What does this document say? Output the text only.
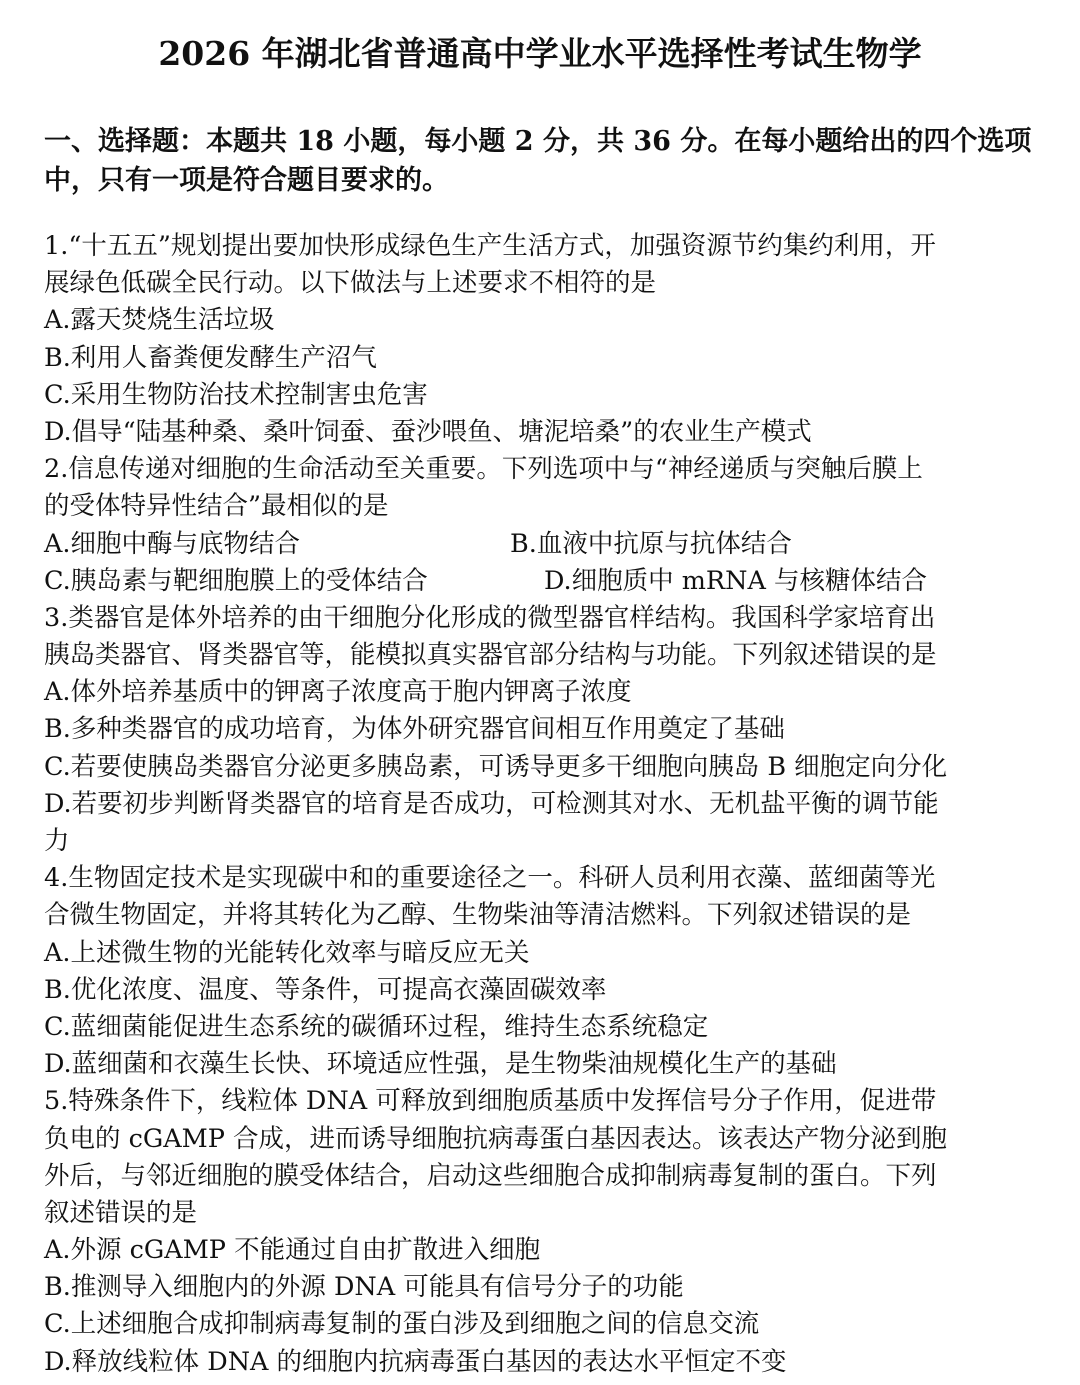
2026 年湖北省普通高中学业水平选择性考试生物学
一、选择题：本题共 18 小题，每小题 2 分，共 36 分。在每小题给出的四个选项
中，只有一项是符合题目要求的。
1.“十五五”规划提出要加快形成绿色生产生活方式，加强资源节约集约利用，开
展绿色低碳全民行动。以下做法与上述要求不相符的是
A.露天焚烧生活垃圾
B.利用人畜粪便发酵生产沼气
C.采用生物防治技术控制害虫危害
D.倡导“陆基种桑、桑叶饲蚕、蚕沙喂鱼、塘泥培桑”的农业生产模式
2.信息传递对细胞的生命活动至关重要。下列选项中与“神经递质与突触后膜上
的受体特异性结合”最相似的是
A.细胞中酶与底物结合	B.血液中抗原与抗体结合
C.胰岛素与靶细胞膜上的受体结合	D.细胞质中 mRNA 与核糖体结合
3.类器官是体外培养的由干细胞分化形成的微型器官样结构。我国科学家培育出
胰岛类器官、肾类器官等，能模拟真实器官部分结构与功能。下列叙述错误的是
A.体外培养基质中的钾离子浓度高于胞内钾离子浓度
B.多种类器官的成功培育，为体外研究器官间相互作用奠定了基础
C.若要使胰岛类器官分泌更多胰岛素，可诱导更多干细胞向胰岛 B 细胞定向分化
D.若要初步判断肾类器官的培育是否成功，可检测其对水、无机盐平衡的调节能
力
4.生物固定技术是实现碳中和的重要途径之一。科研人员利用衣藻、蓝细菌等光
合微生物固定，并将其转化为乙醇、生物柴油等清洁燃料。下列叙述错误的是
A.上述微生物的光能转化效率与暗反应无关
B.优化浓度、温度、等条件，可提高衣藻固碳效率
C.蓝细菌能促进生态系统的碳循环过程，维持生态系统稳定
D.蓝细菌和衣藻生长快、环境适应性强，是生物柴油规模化生产的基础
5.特殊条件下，线粒体 DNA 可释放到细胞质基质中发挥信号分子作用，促进带
负电的 cGAMP 合成，进而诱导细胞抗病毒蛋白基因表达。该表达产物分泌到胞
外后，与邻近细胞的膜受体结合，启动这些细胞合成抑制病毒复制的蛋白。下列
叙述错误的是
A.外源 cGAMP 不能通过自由扩散进入细胞
B.推测导入细胞内的外源 DNA 可能具有信号分子的功能
C.上述细胞合成抑制病毒复制的蛋白涉及到细胞之间的信息交流
D.释放线粒体 DNA 的细胞内抗病毒蛋白基因的表达水平恒定不变
